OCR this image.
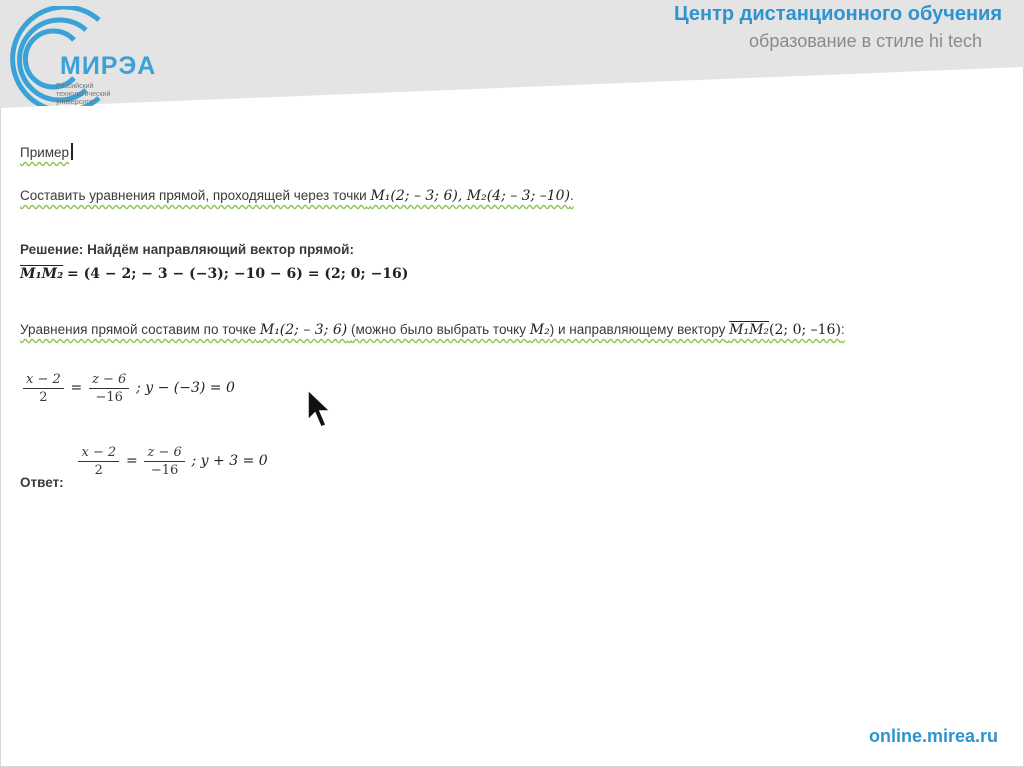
МИРЭА
Российский технологический университет
Центр дистанционного обучения
образование в стиле hi tech
Пример
Составить уравнения прямой, проходящей через точки M₁(2; – 3; 6), M₂(4; – 3; –10).
Решение: Найдём направляющий вектор прямой:
M₁M₂ = (4 − 2; − 3 − (−3); −10 − 6) = (2; 0; −16)
Уравнения прямой составим по точке M₁(2; – 3; 6) (можно было выбрать точку M₂) и направляющему вектору M₁M₂(2; 0; –16):
$\frac{x - 2}{2} = \frac{z - 6}{-16}$ ; y − (−3) = 0
Ответ:
$\frac{x - 2}{2} = \frac{z - 6}{-16}$ ; y + 3 = 0
online.mirea.ru
